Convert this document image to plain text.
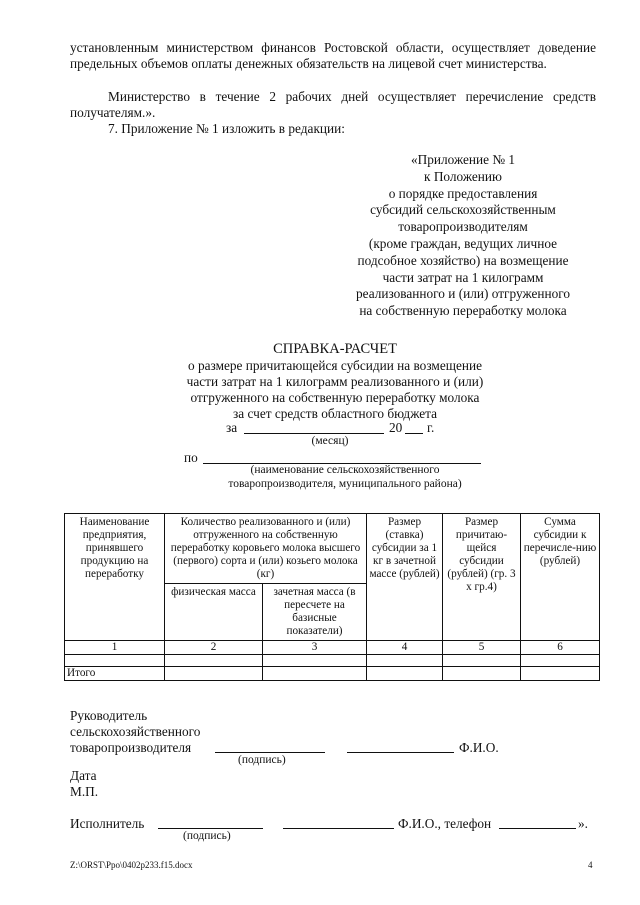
установленным министерством финансов Ростовской области, осуществляет доведение предельных объемов оплаты денежных обязательств на лицевой счет министерства.
Министерство в течение 2 рабочих дней осуществляет перечисление средств получателям.».
7. Приложение № 1 изложить в редакции:
«Приложение № 1
к Положению
о порядке предоставления
субсидий сельскохозяйственным
товаропроизводителям
(кроме граждан, ведущих личное
подсобное хозяйство) на возмещение
части затрат на 1 килограмм
реализованного и (или) отгруженного
на собственную переработку молока
СПРАВКА-РАСЧЕТ
о размере причитающейся субсидии на возмещение
части затрат на 1 килограмм реализованного и (или)
отгруженного на собственную переработку молока
за счет средств областного бюджета
за	20 г.
(месяц)
по
(наименование сельскохозяйственного
товаропроизводителя, муниципального района)
Наименование предприятия, принявшего продукцию на переработку	Количество реализованного и (или) отгруженного на собственную переработку коровьего молока высшего (первого) сорта и (или) козьего молока (кг)		Размер (ставка) субсидии за 1 кг в зачетной массе (рублей)	Размер причитаю-щейся субсидии (рублей) (гр. 3 х гр.4)	Сумма субсидии к перечисле-нию (рублей)
	физическая масса	зачетная масса (в пересчете на базисные показатели)			
1	2	3	4	5	6

Итого					
Руководитель
сельскохозяйственного
товаропроизводителя	Ф.И.О.
(подпись)
Дата
М.П.
Исполнитель	Ф.И.О., телефон	».
(подпись)
Z:\ORST\Ppo\0402p233.f15.docx	4
